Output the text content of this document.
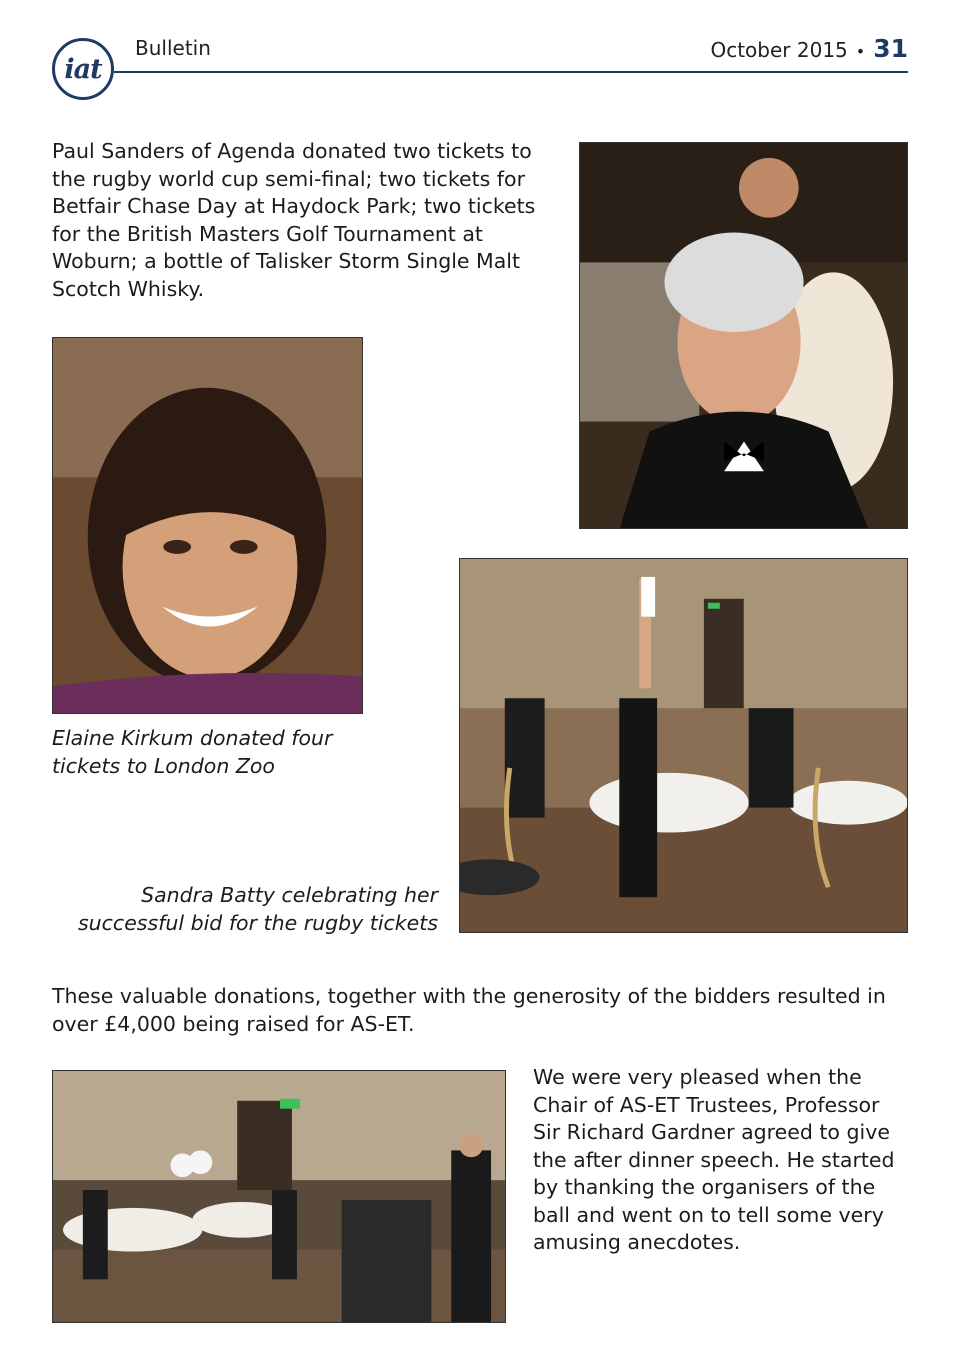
iat
Bulletin	October 2015 • 31

Paul Sanders of Agenda donated two tickets to the rugby world cup semi-final; two tickets for Betfair Chase Day at Haydock Park; two tickets for the British Masters Golf Tournament at Woburn; a bottle of Talisker Storm Single Malt Scotch Whisky.

Elaine Kirkum donated four tickets to London Zoo

Sandra Batty celebrating her successful bid for the rugby tickets

These valuable donations, together with the generosity of the bidders resulted in over £4,000 being raised for AS-ET.

We were very pleased when the Chair of AS-ET Trustees, Professor Sir Richard Gardner agreed to give the after dinner speech. He started by thanking the organisers of the ball and went on to tell some very amusing anecdotes.
